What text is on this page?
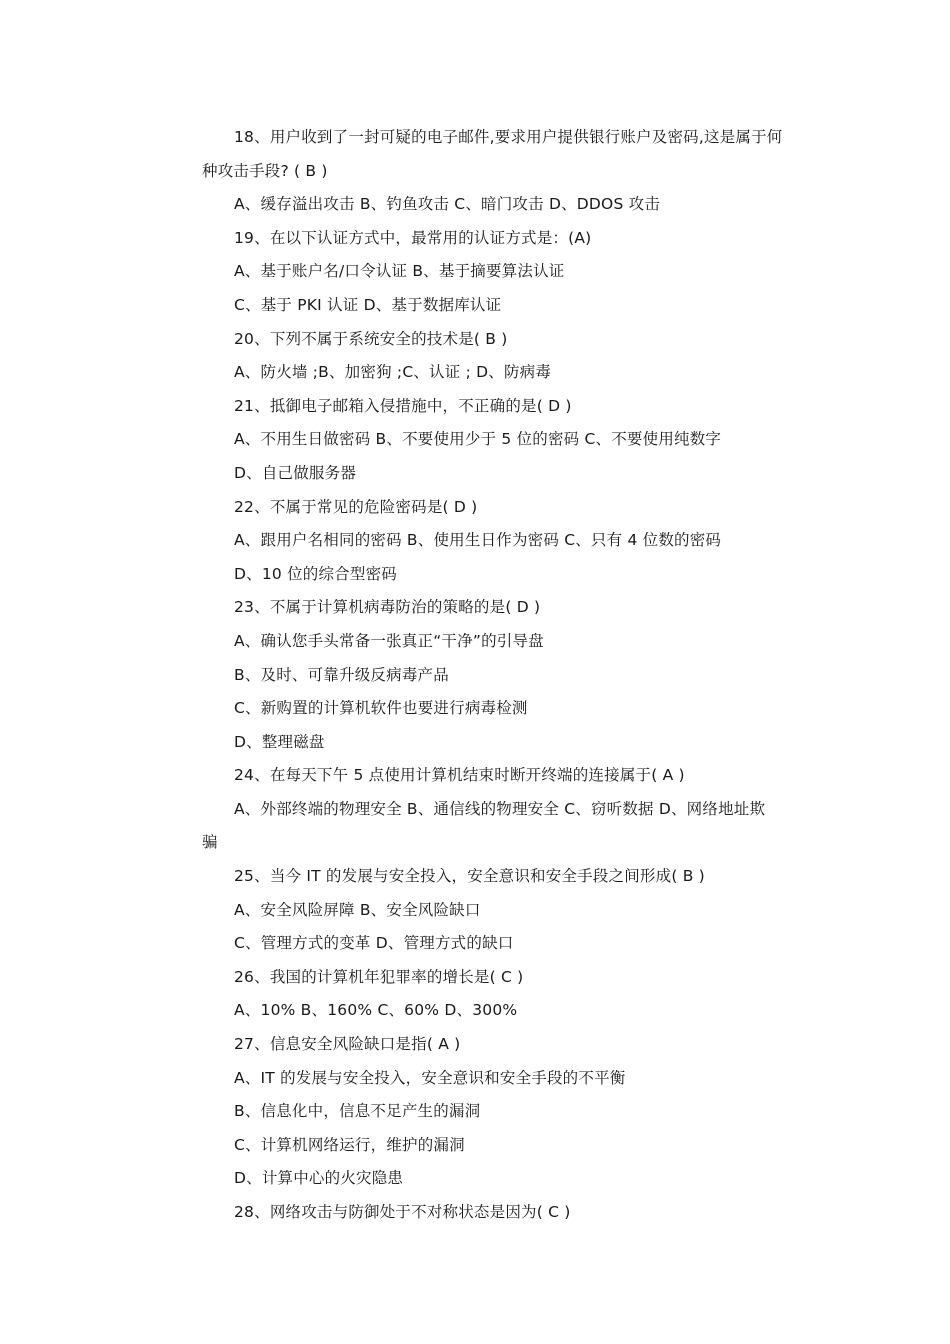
18、用户收到了一封可疑的电子邮件,要求用户提供银行账户及密码,这是属于何
种攻击手段? ( B )
A、缓存溢出攻击 B、钓鱼攻击 C、暗门攻击 D、DDOS 攻击
19、在以下认证方式中，最常用的认证方式是：(A)
A、基于账户名/口令认证 B、基于摘要算法认证
C、基于 PKI 认证 D、基于数据库认证
20、下列不属于系统安全的技术是( B )
A、防火墙 ;B、加密狗 ;C、认证 ; D、防病毒
21、抵御电子邮箱入侵措施中，不正确的是( D )
A、不用生日做密码 B、不要使用少于 5 位的密码 C、不要使用纯数字
D、自己做服务器
22、不属于常见的危险密码是( D )
A、跟用户名相同的密码 B、使用生日作为密码 C、只有 4 位数的密码
D、10 位的综合型密码
23、不属于计算机病毒防治的策略的是( D )
A、确认您手头常备一张真正“干净”的引导盘
B、及时、可靠升级反病毒产品
C、新购置的计算机软件也要进行病毒检测
D、整理磁盘
24、在每天下午 5 点使用计算机结束时断开终端的连接属于( A )
A、外部终端的物理安全 B、通信线的物理安全 C、窃听数据 D、网络地址欺
骗
25、当今 IT 的发展与安全投入，安全意识和安全手段之间形成( B )
A、安全风险屏障 B、安全风险缺口
C、管理方式的变革 D、管理方式的缺口
26、我国的计算机年犯罪率的增长是( C )
A、10% B、160% C、60% D、300%
27、信息安全风险缺口是指( A )
A、IT 的发展与安全投入，安全意识和安全手段的不平衡
B、信息化中，信息不足产生的漏洞
C、计算机网络运行，维护的漏洞
D、计算中心的火灾隐患
28、网络攻击与防御处于不对称状态是因为( C )
